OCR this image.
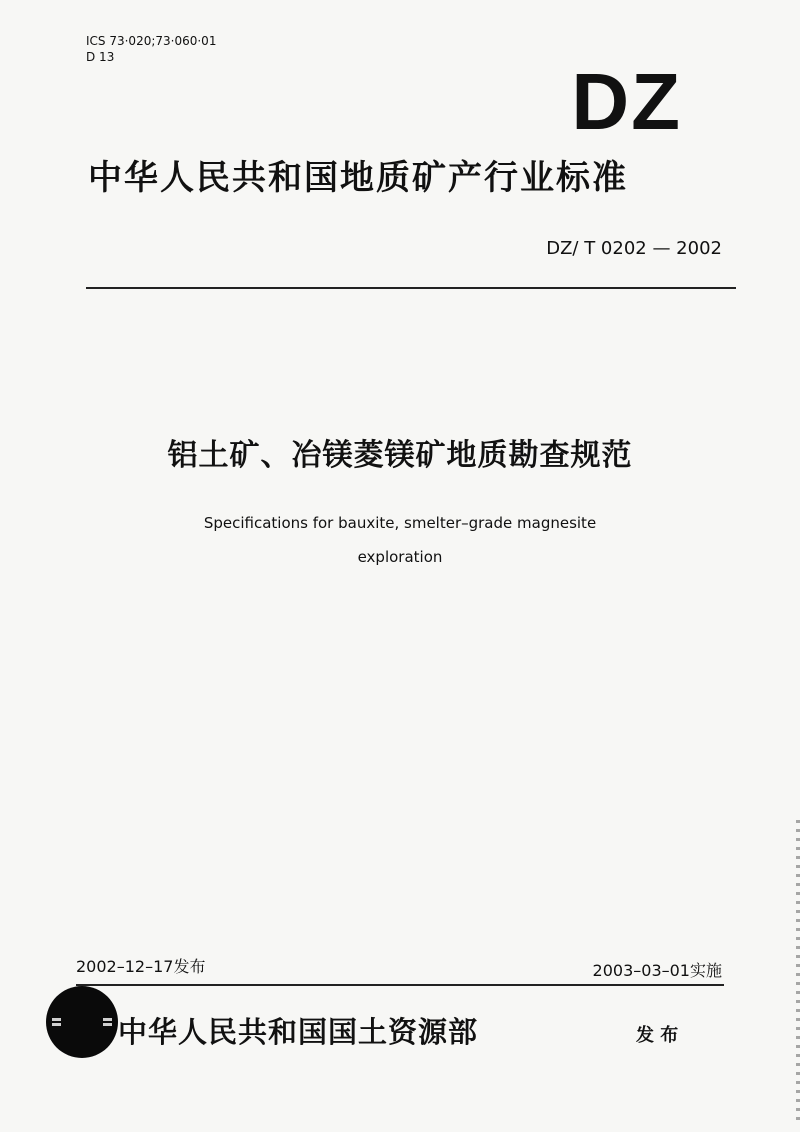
ICS 73·020;73·060·01
D 13	DZ
中华人民共和国地质矿产行业标准
DZ/ T 0202 — 2002
铝土矿、冶镁菱镁矿地质勘查规范
Specifications for bauxite, smelter–grade magnesite
exploration
2002–12–17发布	2003–03–01实施
中华人民共和国国土资源部	发 布
